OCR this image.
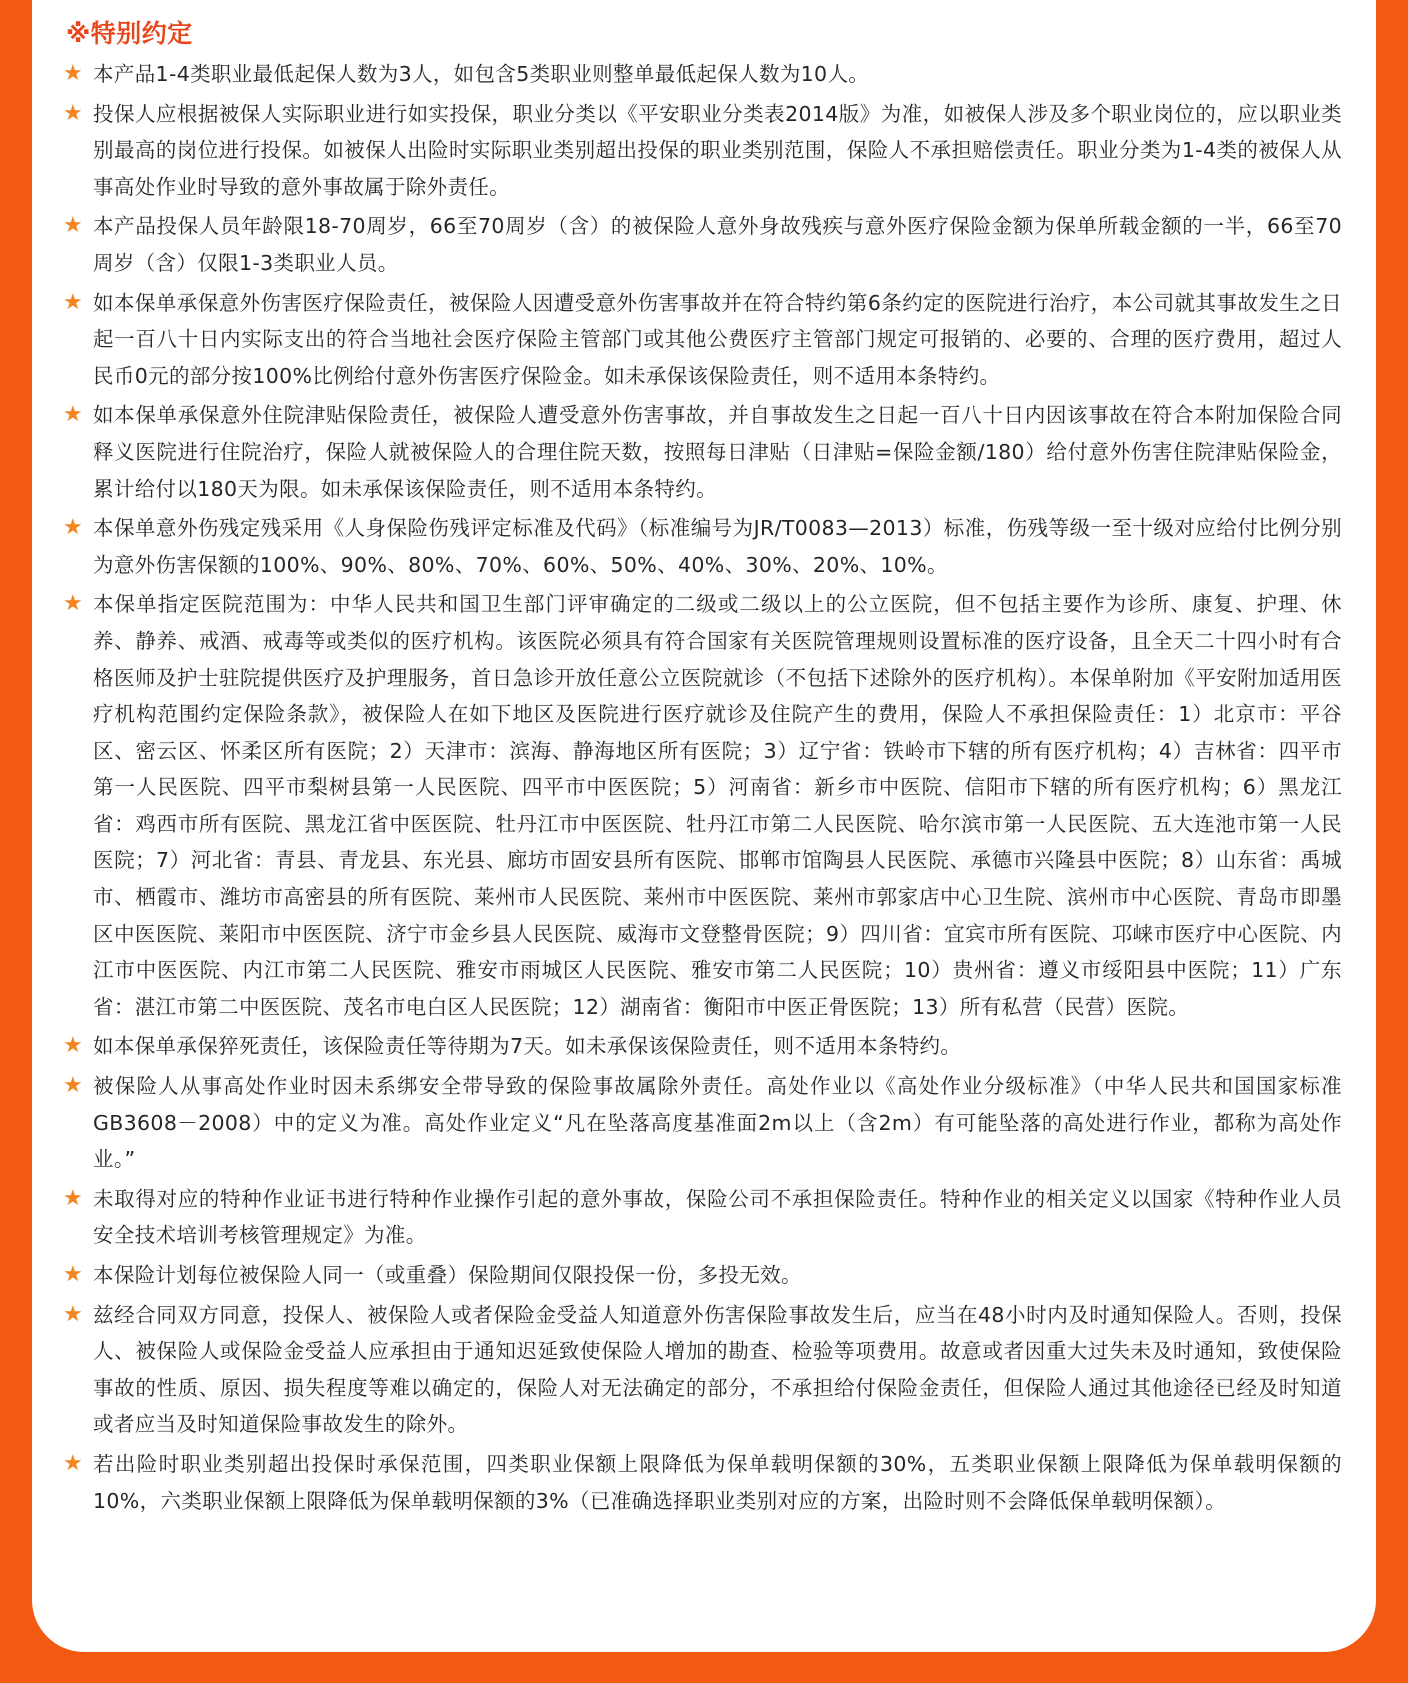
※特别约定
★ 本产品1-4类职业最低起保人数为3人，如包含5类职业则整单最低起保人数为10人。
★ 投保人应根据被保人实际职业进行如实投保，职业分类以《平安职业分类表2014版》为准，如被保人涉及多个职业岗位的，应以职业类别最高的岗位进行投保。如被保人出险时实际职业类别超出投保的职业类别范围，保险人不承担赔偿责任。职业分类为1-4类的被保人从事高处作业时导致的意外事故属于除外责任。
★ 本产品投保人员年龄限18-70周岁，66至70周岁（含）的被保险人意外身故残疾与意外医疗保险金额为保单所载金额的一半，66至70周岁（含）仅限1-3类职业人员。
★ 如本保单承保意外伤害医疗保险责任，被保险人因遭受意外伤害事故并在符合特约第6条约定的医院进行治疗，本公司就其事故发生之日起一百八十日内实际支出的符合当地社会医疗保险主管部门或其他公费医疗主管部门规定可报销的、必要的、合理的医疗费用，超过人民币0元的部分按100%比例给付意外伤害医疗保险金。如未承保该保险责任，则不适用本条特约。
★ 如本保单承保意外住院津贴保险责任，被保险人遭受意外伤害事故，并自事故发生之日起一百八十日内因该事故在符合本附加保险合同释义医院进行住院治疗，保险人就被保险人的合理住院天数，按照每日津贴（日津贴=保险金额/180）给付意外伤害住院津贴保险金，累计给付以180天为限。如未承保该保险责任，则不适用本条特约。
★ 本保单意外伤残定残采用《人身保险伤残评定标准及代码》（标准编号为JR/T0083—2013）标准，伤残等级一至十级对应给付比例分别为意外伤害保额的100%、90%、80%、70%、60%、50%、40%、30%、20%、10%。
★ 本保单指定医院范围为：中华人民共和国卫生部门评审确定的二级或二级以上的公立医院，但不包括主要作为诊所、康复、护理、休养、静养、戒酒、戒毒等或类似的医疗机构。该医院必须具有符合国家有关医院管理规则设置标准的医疗设备，且全天二十四小时有合格医师及护士驻院提供医疗及护理服务，首日急诊开放任意公立医院就诊（不包括下述除外的医疗机构）。本保单附加《平安附加适用医疗机构范围约定保险条款》，被保险人在如下地区及医院进行医疗就诊及住院产生的费用，保险人不承担保险责任：1）北京市：平谷区、密云区、怀柔区所有医院；2）天津市：滨海、静海地区所有医院；3）辽宁省：铁岭市下辖的所有医疗机构；4）吉林省：四平市第一人民医院、四平市梨树县第一人民医院、四平市中医医院；5）河南省：新乡市中医院、信阳市下辖的所有医疗机构；6）黑龙江省：鸡西市所有医院、黑龙江省中医医院、牡丹江市中医医院、牡丹江市第二人民医院、哈尔滨市第一人民医院、五大连池市第一人民医院；7）河北省：青县、青龙县、东光县、廊坊市固安县所有医院、邯郸市馆陶县人民医院、承德市兴隆县中医院；8）山东省：禹城市、栖霞市、潍坊市高密县的所有医院、莱州市人民医院、莱州市中医医院、莱州市郭家店中心卫生院、滨州市中心医院、青岛市即墨区中医医院、莱阳市中医医院、济宁市金乡县人民医院、威海市文登整骨医院；9）四川省：宜宾市所有医院、邛崃市医疗中心医院、内江市中医医院、内江市第二人民医院、雅安市雨城区人民医院、雅安市第二人民医院；10）贵州省：遵义市绥阳县中医院；11）广东省：湛江市第二中医医院、茂名市电白区人民医院；12）湖南省：衡阳市中医正骨医院；13）所有私营（民营）医院。
★ 如本保单承保猝死责任，该保险责任等待期为7天。如未承保该保险责任，则不适用本条特约。
★ 被保险人从事高处作业时因未系绑安全带导致的保险事故属除外责任。高处作业以《高处作业分级标准》（中华人民共和国国家标准GB3608－2008）中的定义为准。高处作业定义“凡在坠落高度基准面2m以上（含2m）有可能坠落的高处进行作业，都称为高处作业。”
★ 未取得对应的特种作业证书进行特种作业操作引起的意外事故，保险公司不承担保险责任。特种作业的相关定义以国家《特种作业人员安全技术培训考核管理规定》为准。
★ 本保险计划每位被保险人同一（或重叠）保险期间仅限投保一份，多投无效。
★ 兹经合同双方同意，投保人、被保险人或者保险金受益人知道意外伤害保险事故发生后，应当在48小时内及时通知保险人。否则，投保人、被保险人或保险金受益人应承担由于通知迟延致使保险人增加的勘查、检验等项费用。故意或者因重大过失未及时通知，致使保险事故的性质、原因、损失程度等难以确定的，保险人对无法确定的部分，不承担给付保险金责任，但保险人通过其他途径已经及时知道或者应当及时知道保险事故发生的除外。
★ 若出险时职业类别超出投保时承保范围，四类职业保额上限降低为保单载明保额的30%，五类职业保额上限降低为保单载明保额的10%，六类职业保额上限降低为保单载明保额的3%（已准确选择职业类别对应的方案，出险时则不会降低保单载明保额）。
